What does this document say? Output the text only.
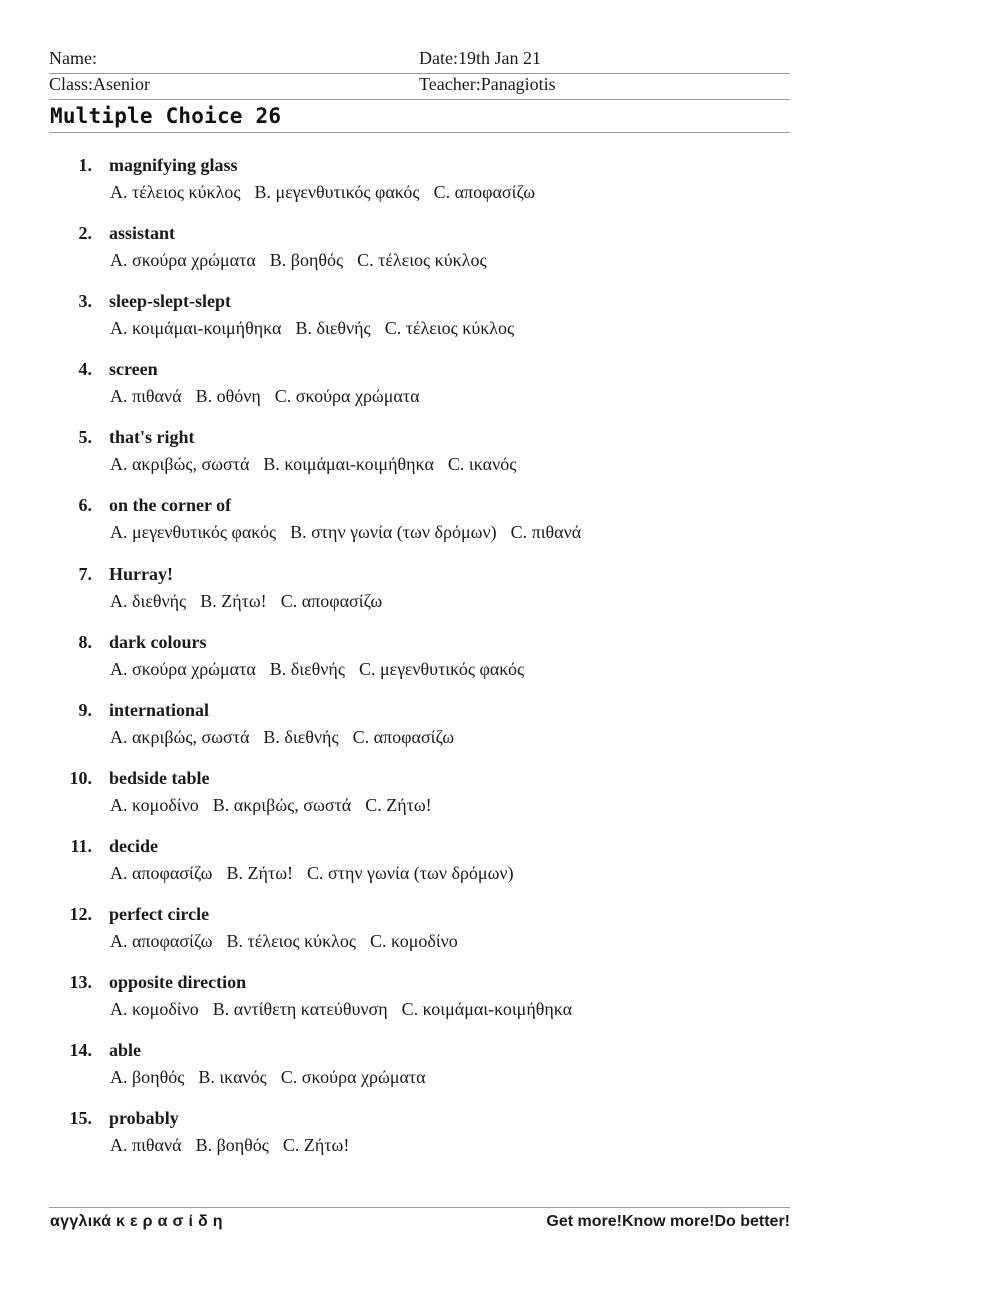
Name:	Date:19th Jan 21
Class:Asenior	Teacher:Panagiotis
Multiple Choice 26
1. magnifying glass
A. τέλειος κύκλος B. μεγενθυτικός φακός C. αποφασίζω
2. assistant
A. σκούρα χρώματα B. βοηθός C. τέλειος κύκλος
3. sleep-slept-slept
A. κοιμάμαι-κοιμήθηκα B. διεθνής C. τέλειος κύκλος
4. screen
A. πιθανά B. οθόνη C. σκούρα χρώματα
5. that's right
A. ακριβώς, σωστά B. κοιμάμαι-κοιμήθηκα C. ικανός
6. on the corner of
A. μεγενθυτικός φακός B. στην γωνία (των δρόμων) C. πιθανά
7. Hurray!
A. διεθνής B. Ζήτω! C. αποφασίζω
8. dark colours
A. σκούρα χρώματα B. διεθνής C. μεγενθυτικός φακός
9. international
A. ακριβώς, σωστά B. διεθνής C. αποφασίζω
10. bedside table
A. κομοδίνο B. ακριβώς, σωστά C. Ζήτω!
11. decide
A. αποφασίζω B. Ζήτω! C. στην γωνία (των δρόμων)
12. perfect circle
A. αποφασίζω B. τέλειος κύκλος C. κομοδίνο
13. opposite direction
A. κομοδίνο B. αντίθετη κατεύθυνση C. κοιμάμαι-κοιμήθηκα
14. able
A. βοηθός B. ικανός C. σκούρα χρώματα
15. probably
A. πιθανά B. βοηθός C. Ζήτω!
αγγλικά κ ε ρ α σ ί δ η	Get more!Know more!Do better!
